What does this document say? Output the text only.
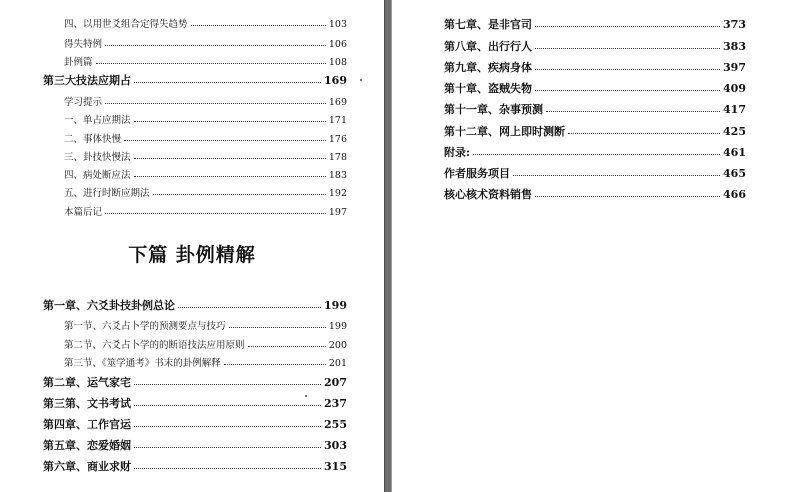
四、以用世爻组合定得失趋势	103
得失特例	106
卦例篇	108
第三大技法应期占	169
学习提示	169
一、单占应期法	171
二、事体快慢	176
三、卦技快慢法	178
四、病处断应法	183
五、进行时断应期法	192
本篇后记	197
下篇 卦例精解
第一章、六爻卦技卦例总论	199
第一节、六爻占卜学的预测要点与技巧	199
第二节、六爻占卜学的的断语技法应用原则	200
第三节、《筮学通考》书末的卦例解释	201
第二章、运气家宅	207
第三第、文书考试	237
第四章、工作官运	255
第五章、恋爱婚姻	303
第六章、商业求财	315
第七章、是非官司	373
第八章、出行行人	383
第九章、疾病身体	397
第十章、盗贼失物	409
第十一章、杂事预测	417
第十二章、网上即时测断	425
附录:	461
作者服务项目	465
核心核术资料销售	466
